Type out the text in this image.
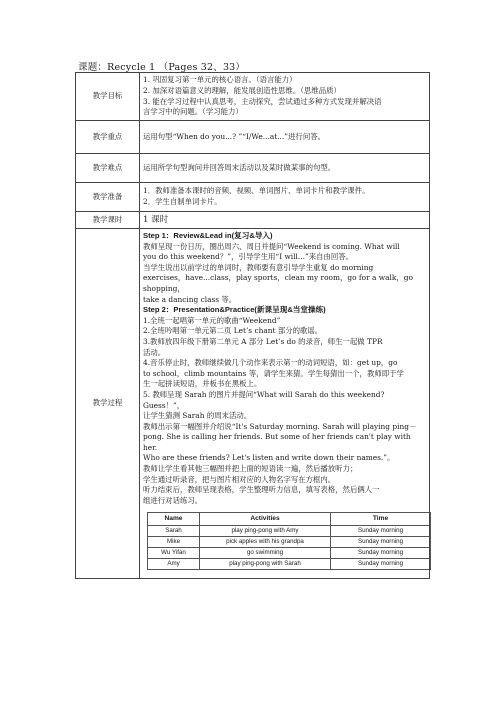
课题：Recycle 1 （Pages 32、33）
教学目标	
1. 巩固复习第一单元的核心语言。（语言能力）
2. 加深对语篇意义的理解，能发展创造性思维。（思维品质）
3. 能在学习过程中认真思考，主动探究，尝试通过多种方式发现并解决语
言学习中的问题。（学习能力）

教学重点	运用句型“When do you...? ”“I/We...at...”进行问答。
教学难点	运用所学句型询问并回答周末活动以及某时做某事的句型。
教学准备	
1．教师准备本课时的音频、视频、单词图片、单词卡片和教学课件。
2．学生自制单词卡片。

教学课时	1 课时
教学过程	
Step 1：Review&Lead in(复习&导入)
教师呈现一份日历，圈出周六、周日并提问“Weekend is coming. What will
you do this weekend？”，引导学生用“I will...”来自由回答。
当学生说出以前学过的单词时，教师要有意引导学生重复 do morning
exercises，have...class，play sports，clean my room，go for a walk，go shopping，
take a dancing class 等。
Step 2：Presentation&Practice(新课呈现&当堂操练)
1.全班一起唱第一单元的歌曲“Weekend”
2.全班吟唱第一单元第二页 Let’s chant 部分的歌谣。
3.教师放四年级下册第二单元 A 部分 Let’s do 的录音，师生一起做 TPR
活动。
4.音乐停止时，教师继续做几个动作来表示第一的动词短语，如：get up，go
to school，climb mountains 等，请学生来猜。学生每猜出一个，教师即于学
生一起拼读短语，并板书在黑板上。
5. 教师呈现 Sarah 的图片并提问“What will Sarah do this weekend? Guess！”，
让学生猜测 Sarah 的周末活动。
教师出示第一幅图并介绍说“It's Saturday morning. Sarah will playing ping－
pong. She is calling her friends. But some of her friends can't play with her.
Who are these friends? Let's listen and write down their names.”。
教师让学生看其他三幅图并把上面的短语读一遍，然后播放听力；
学生通过听录音，把与图片相对应的人物名字写在方框内。
听力结束后，教师呈现表格，学生整理听力信息，填写表格，然后俩人一
组进行对话练习。
Name	Activities	Time
Sarah	play ping-pong with Amy	Sunday morning
Mike	pick apples with his grandpa	Sunday morning
Wu Yifan	go swimming	Sunday morning
Amy	play ping-pong with Sarah	Sunday morning
